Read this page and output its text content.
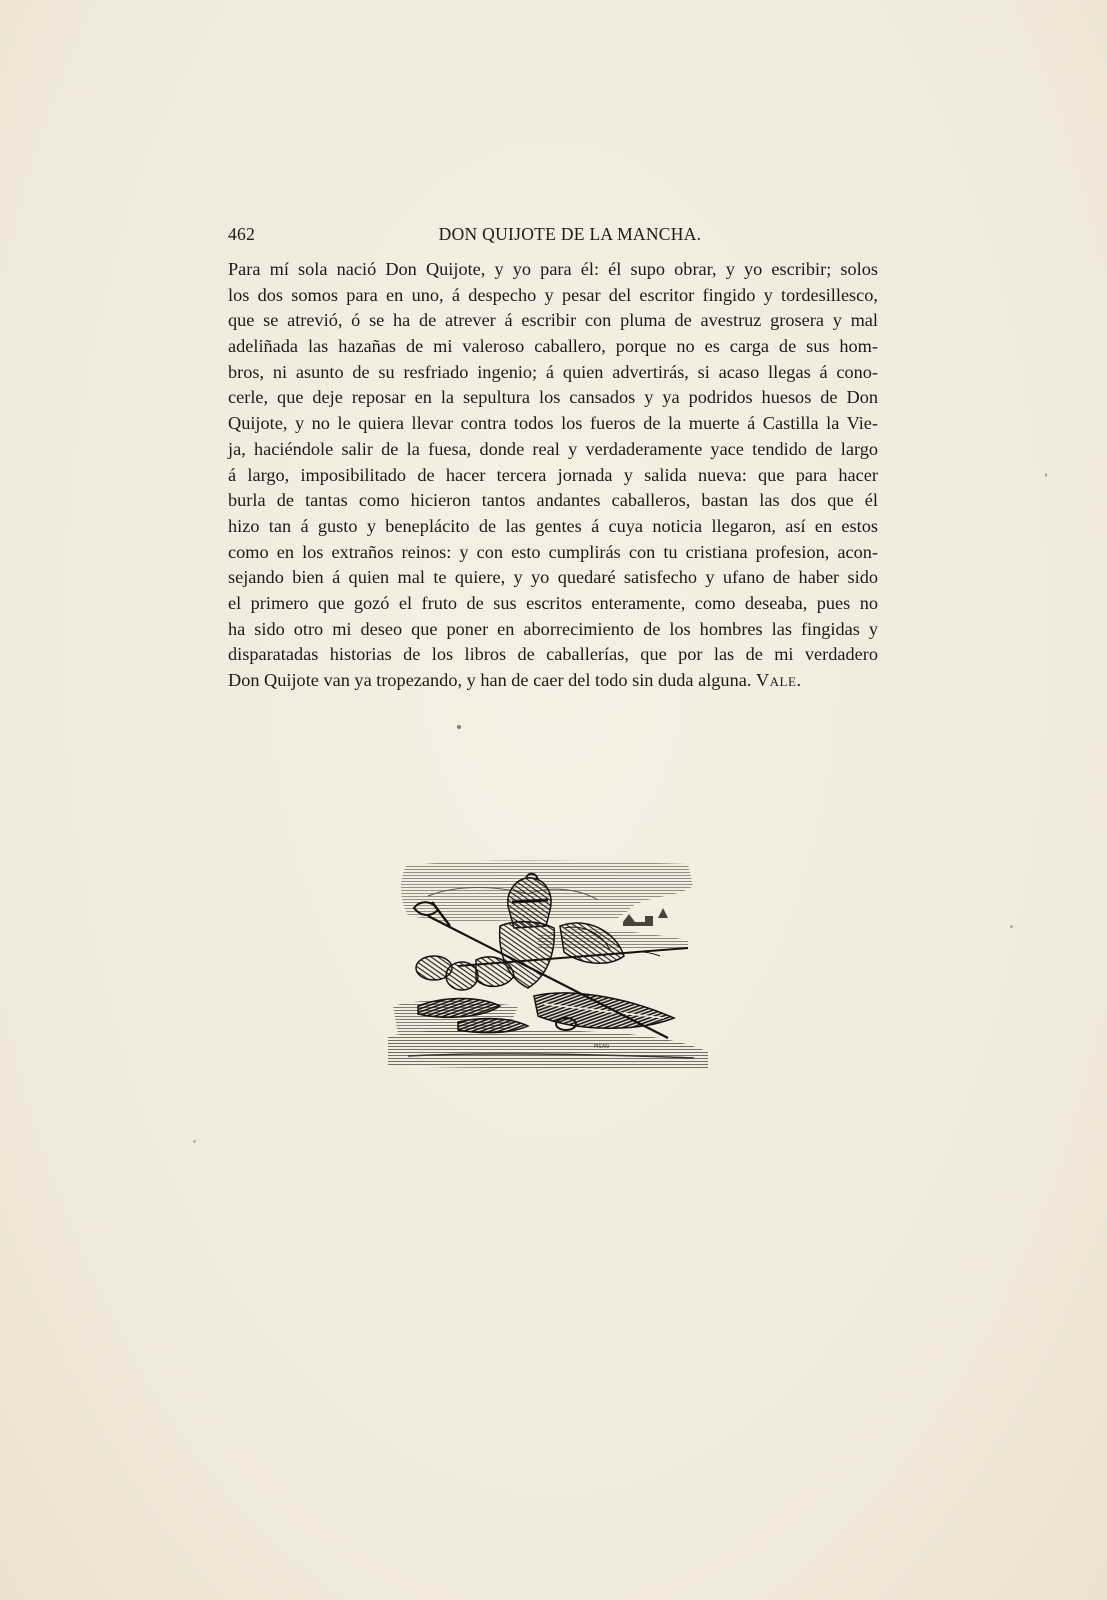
462	DON QUIJOTE DE LA MANCHA.
Para mí sola nació Don Quijote, y yo para él: él supo obrar, y yo escribir; solos
los dos somos para en uno, á despecho y pesar del escritor fingido y tordesillesco,
que se atrevió, ó se ha de atrever á escribir con pluma de avestruz grosera y mal
adeliñada las hazañas de mi valeroso caballero, porque no es carga de sus hom-
bros, ni asunto de su resfriado ingenio; á quien advertirás, si acaso llegas á cono-
cerle, que deje reposar en la sepultura los cansados y ya podridos huesos de Don
Quijote, y no le quiera llevar contra todos los fueros de la muerte á Castilla la Vie-
ja, haciéndole salir de la fuesa, donde real y verdaderamente yace tendido de largo
á largo, imposibilitado de hacer tercera jornada y salida nueva: que para hacer
burla de tantas como hicieron tantos andantes caballeros, bastan las dos que él
hizo tan á gusto y beneplácito de las gentes á cuya noticia llegaron, así en estos
como en los extraños reinos: y con esto cumplirás con tu cristiana profesion, acon-
sejando bien á quien mal te quiere, y yo quedaré satisfecho y ufano de haber sido
el primero que gozó el fruto de sus escritos enteramente, como deseaba, pues no
ha sido otro mi deseo que poner en aborrecimiento de los hombres las fingidas y
disparatadas historias de los libros de caballerías, que por las de mi verdadero
Don Quijote van ya tropezando, y han de caer del todo sin duda alguna. Vale.
PISAN
